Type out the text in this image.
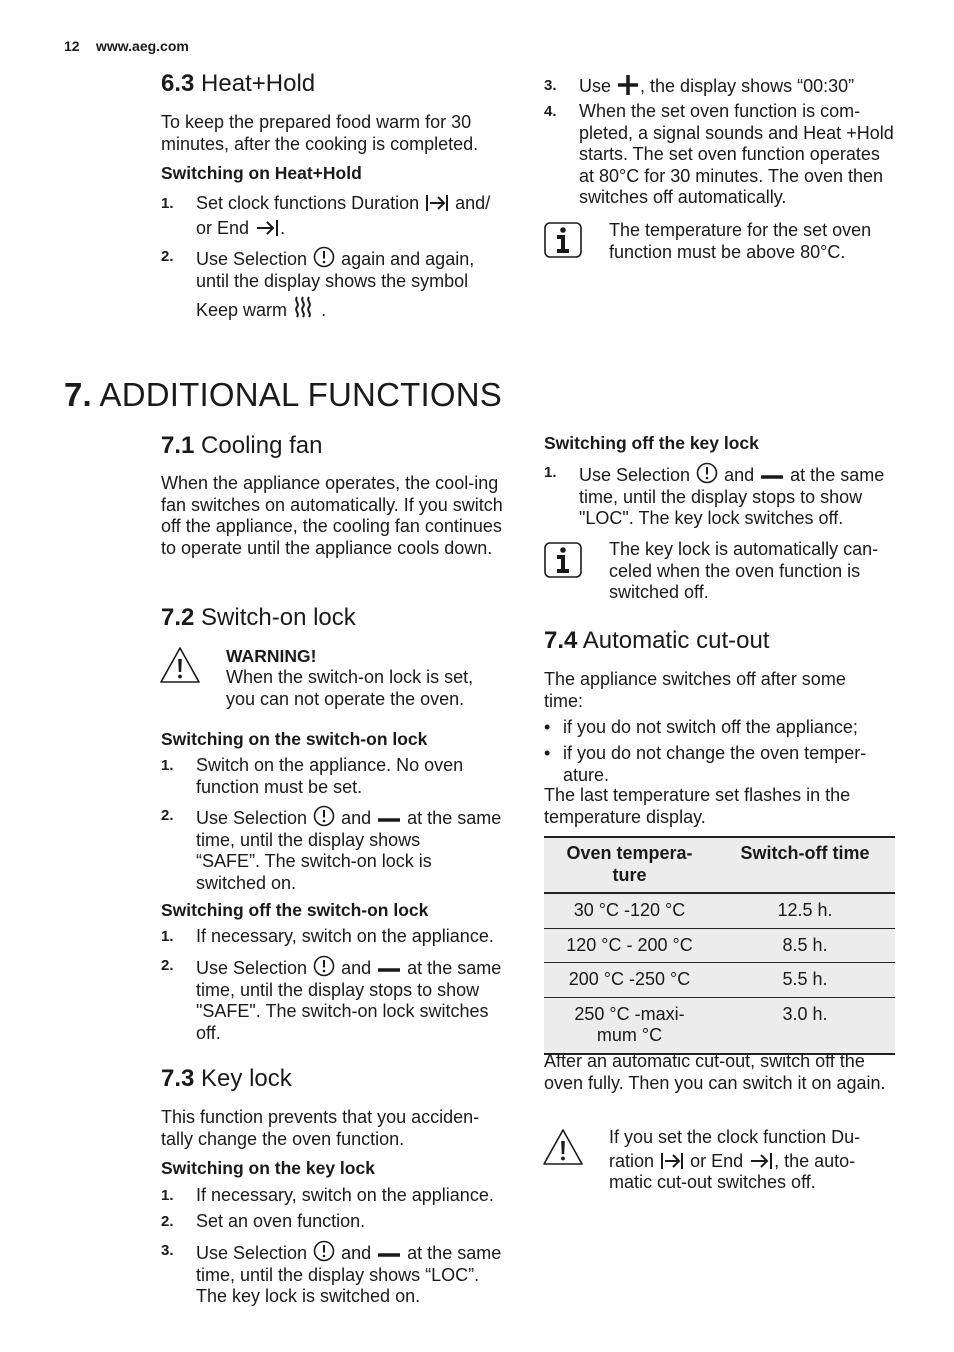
12 www.aeg.com
6.3 Heat+Hold

To keep the prepared food warm for 30 minutes, after the cooking is completed.

Switching on Heat+Hold

1. Set clock functions Duration and/
or End .
2. Use Selection again and again,
until the display shows the symbol
Keep warm .
3. Use , the display shows “00:30”
4. When the set oven function is com-pleted, a signal sounds and Heat +Hold starts. The set oven function operates at 80°C for 30 minutes. The oven then switches off automatically.

The temperature for the set oven function must be above 80°C.

7. ADDITIONAL FUNCTIONS
7.1 Cooling fan

When the appliance operates, the cool-ing fan switches on automatically. If you switch off the appliance, the cooling fan continues to operate until the appliance cools down.

7.2 Switch-on lock

WARNING!

When the switch-on lock is set, you can not operate the oven.

Switching on the switch-on lock

1. Switch on the appliance. No oven function must be set.
2. Use Selection and at the same
time, until the display shows “SAFE”. The switch-on lock is switched on.

Switching off the switch-on lock

1. If necessary, switch on the appliance.
2. Use Selection and at the same
time, until the display stops to show "SAFE". The switch-on lock switches off.
7.3 Key lock

This function prevents that you acciden-tally change the oven function.

Switching on the key lock

1. If necessary, switch on the appliance.
2. Set an oven function.
3. Use Selection and at the same
time, until the display shows “LOC”. The key lock is switched on.

Switching off the key lock

1. Use Selection and at the same
time, until the display stops to show "LOC". The key lock switches off.

The key lock is automatically can-celed when the oven function is switched off.

7.4 Automatic cut-out

The appliance switches off after some time:

• if you do not switch off the appliance;
• if you do not change the oven temper-ature.

The last temperature set flashes in the temperature display.

Oven tempera-ture	Switch-off time
30 °C -120 °C	12.5 h.
120 °C - 200 °C	8.5 h.
200 °C -250 °C	5.5 h.
250 °C -maxi-mum °C	3.0 h.

After an automatic cut-out, switch off the oven fully. Then you can switch it on again.

If you set the clock function Du-
ration or End , the auto-
matic cut-out switches off.
